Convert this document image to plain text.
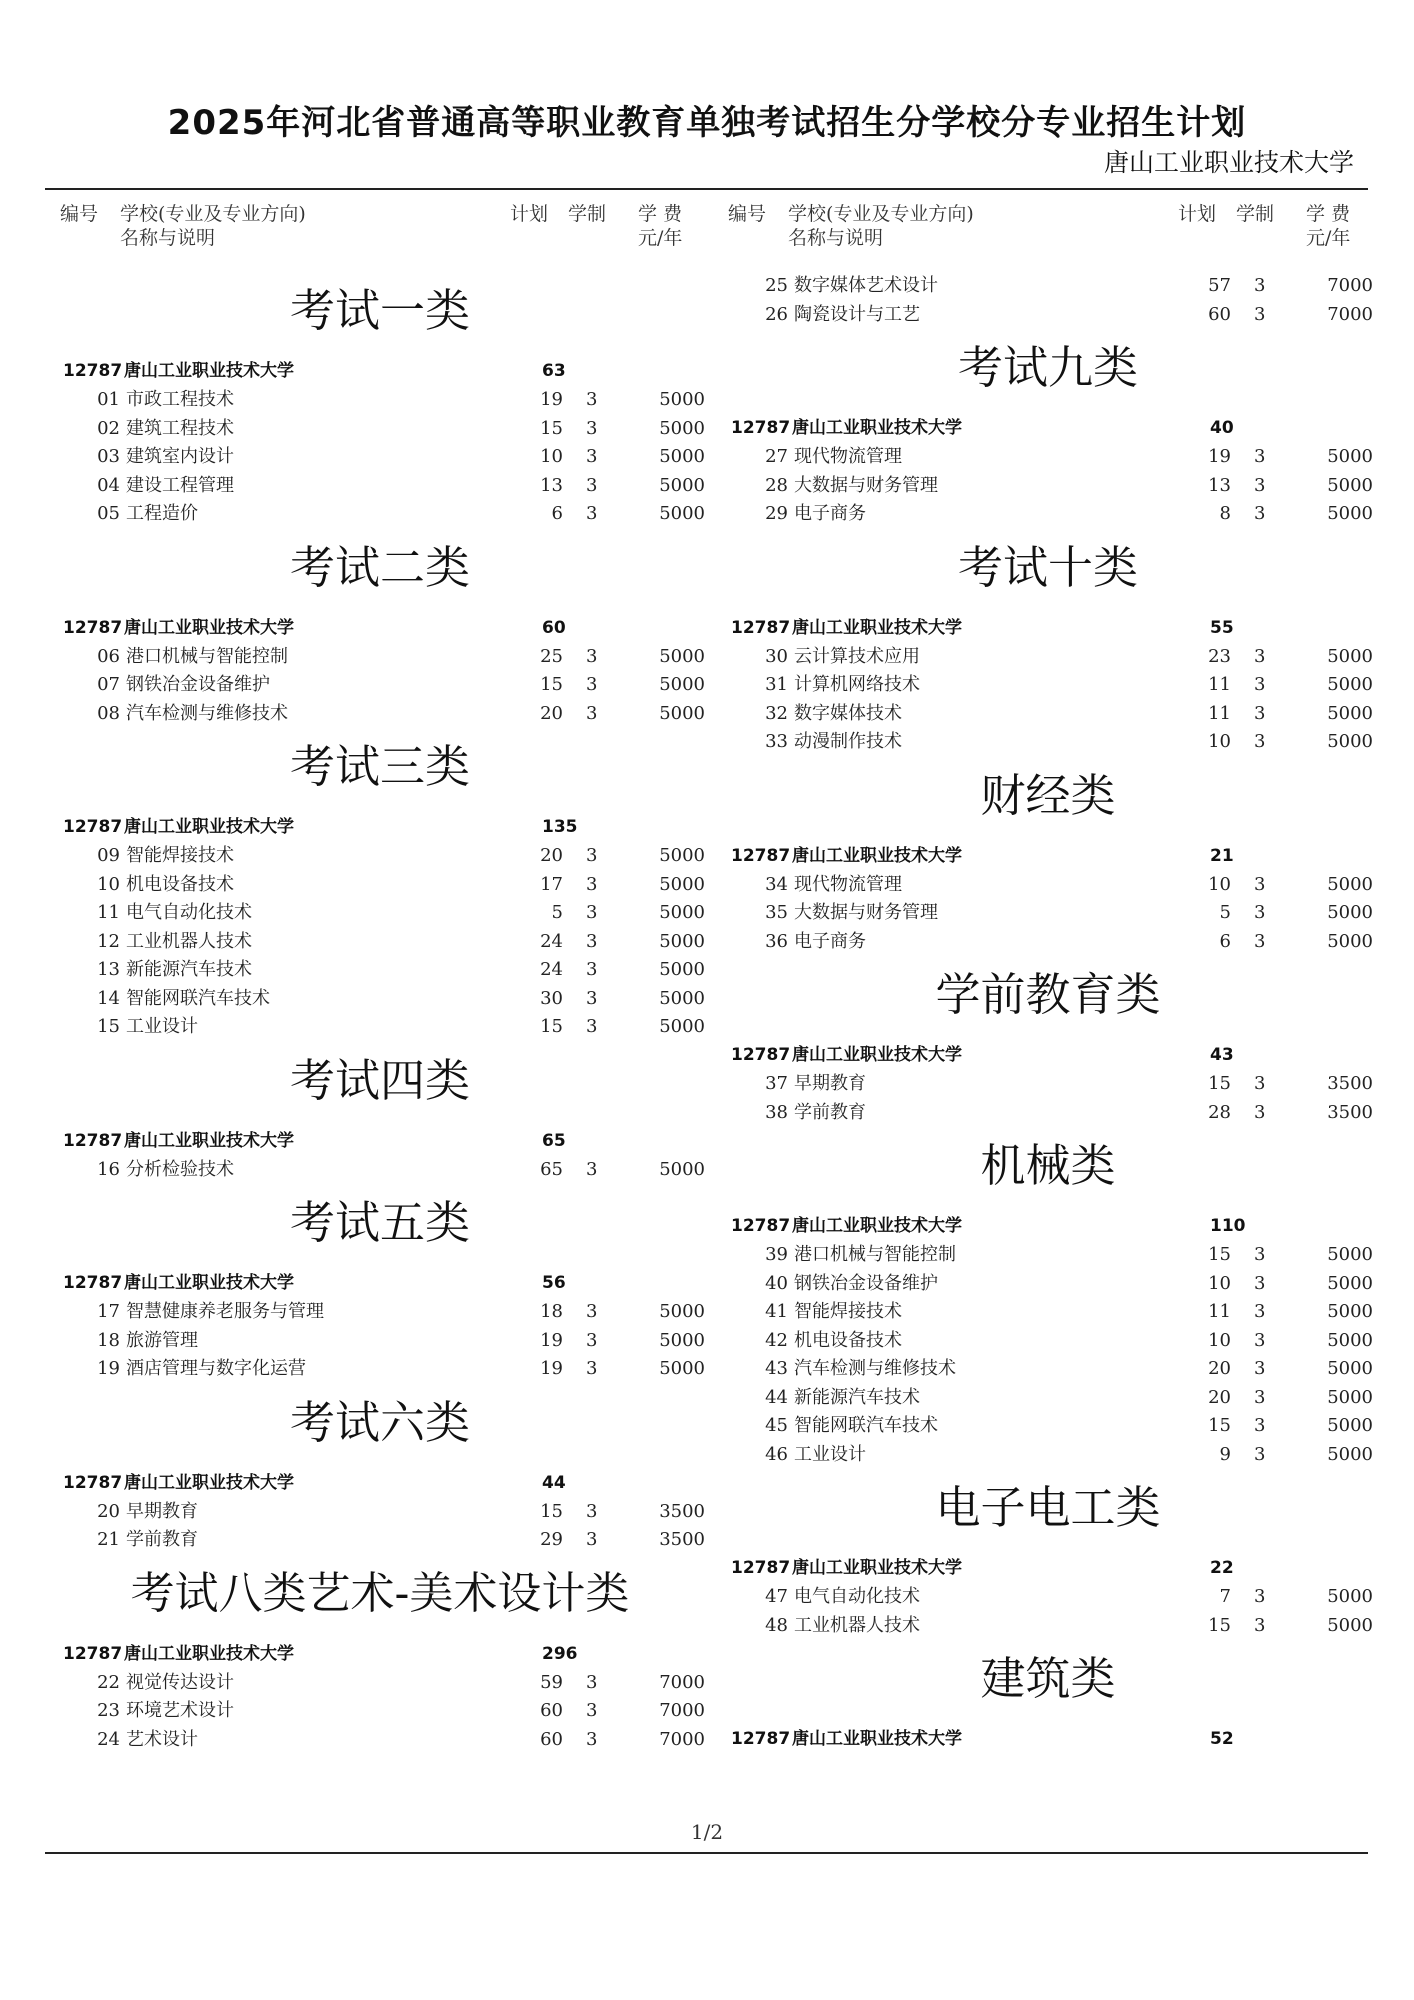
2025年河北省普通高等职业教育单独考试招生分学校分专业招生计划
唐山工业职业技术大学
编号 学校(专业及专业方向)
名称与说明
计划 学制 学 费
元/年
考试一类
12787 唐山工业职业技术大学	63
01 市政工程技术	19 3	5000
02 建筑工程技术	15 3	5000
03 建筑室内设计	10 3	5000
04 建设工程管理	13 3	5000
05 工程造价	6 3	5000
考试二类
12787 唐山工业职业技术大学	60
06 港口机械与智能控制	25 3	5000
07 钢铁冶金设备维护	15 3	5000
08 汽车检测与维修技术	20 3	5000
考试三类
12787 唐山工业职业技术大学	135
09 智能焊接技术	20 3	5000
10 机电设备技术	17 3	5000
11 电气自动化技术	5 3	5000
12 工业机器人技术	24 3	5000
13 新能源汽车技术	24 3	5000
14 智能网联汽车技术	30 3	5000
15 工业设计	15 3	5000
考试四类
12787 唐山工业职业技术大学	65
16 分析检验技术	65 3	5000
考试五类
12787 唐山工业职业技术大学	56
17 智慧健康养老服务与管理	18 3	5000
18 旅游管理	19 3	5000
19 酒店管理与数字化运营	19 3	5000
考试六类
12787 唐山工业职业技术大学	44
20 早期教育	15 3	3500
21 学前教育	29 3	3500
考试八类艺术-美术设计类
12787 唐山工业职业技术大学	296
22 视觉传达设计	59 3	7000
23 环境艺术设计	60 3	7000
24 艺术设计	60 3	7000
编号 学校(专业及专业方向)
名称与说明
计划 学制 学 费
元/年
25 数字媒体艺术设计	57 3	7000
26 陶瓷设计与工艺	60 3	7000
考试九类
12787 唐山工业职业技术大学	40
27 现代物流管理	19 3	5000
28 大数据与财务管理	13 3	5000
29 电子商务	8 3	5000
考试十类
12787 唐山工业职业技术大学	55
30 云计算技术应用	23 3	5000
31 计算机网络技术	11 3	5000
32 数字媒体技术	11 3	5000
33 动漫制作技术	10 3	5000
财经类
12787 唐山工业职业技术大学	21
34 现代物流管理	10 3	5000
35 大数据与财务管理	5 3	5000
36 电子商务	6 3	5000
学前教育类
12787 唐山工业职业技术大学	43
37 早期教育	15 3	3500
38 学前教育	28 3	3500
机械类
12787 唐山工业职业技术大学	110
39 港口机械与智能控制	15 3	5000
40 钢铁冶金设备维护	10 3	5000
41 智能焊接技术	11 3	5000
42 机电设备技术	10 3	5000
43 汽车检测与维修技术	20 3	5000
44 新能源汽车技术	20 3	5000
45 智能网联汽车技术	15 3	5000
46 工业设计	9 3	5000
电子电工类
12787 唐山工业职业技术大学	22
47 电气自动化技术	7 3	5000
48 工业机器人技术	15 3	5000
建筑类
12787 唐山工业职业技术大学	52
1/2
